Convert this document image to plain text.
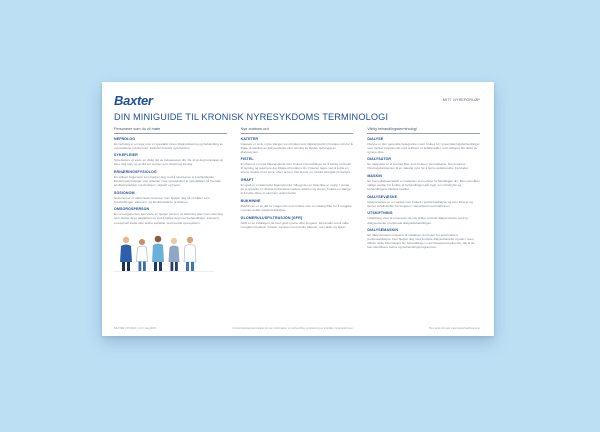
Baxter	MITT NYREFORLØP
DIN MINIGUIDE TIL KRONISK NYRESYKDOMS TERMINOLOGI
Personene som du vil møte
NEFROLOG
En nefrolog er en lege som er spesialist innen diagnostisering og behandling av nyrerelaterte sykdommer, inkludert kronisk nyresykdom.
SYKEPLEIER
Sykepleiere vil være en viktig del av helseteamet ditt. De vil gi deg kunnskap og lære deg opp, og gi råd om temaer som livsstil og trening.
ERNÆRINGSFYSIOLOG
En stilisert fagperson som hjelper deg med å strukturere et kostholdsplan. Ernæringsfysiologer som arbeider med nyresykdom er spesialister på hvordan kosthold påvirker nyrefunksjon, skjelett og hjerte.
SOSIONOM
Sosionomer er utdannede ressurser som hjelper deg på områder som boutfordringer, økonomi, og familierelaterte problemer.
OMSORGSPERSON
En omsorgsperson kan være en hjelper person, et slektning eller noen nær deg som støtter deg i dagliglivet og ved å hjelpe deg med behandlinger, transport, emosjonell støtte eller andre aspekter ved kronisk nyresykdom.
Nye anatomi-ord
KATETER
Katetere er små, myke slanger som brukes som tilgangspunkt til kroppen din for å tillate utveksling av dialysevæske eller rensing av blodet, avhengig av dialysetypen.
FISTEL
En fistel er en type tilgangspunkt som brukes i hemodialyse for å trekke ut blodet til rensing og returnere det tilbake til kroppen din. Fistelen lages ved å koble en arterie direkte til en vene, ofte i armen. Det krever en mindre kirurgisk prosedyre.
GRAFT
En graft er et alternativt tilgangspunkt i tillegg der en fistel ikke er mulig. I stedet for å opprette en direkte forbindelse mellom arterien og venen, brukes en slange til å koble disse to sammen under huden.
BUKHINNE
Bukhinnen er en del av magen din som brukes som et naturlig filter for å rengjøre nyrenes avfall i peritonealdialyse.
GLOMERULUSFILTRASJON [GFR]
GFR er en indikasjon på hvor godt nyrene dine fungerer. Det ansås ved å måle mengden kreatinin i blodet, sammen med andre faktorer, som alder og kjønn.
Viktig behandlingsterminologi
DIALYSE
Dialyse er den generelle betegnelsen som brukes for nyreerstatningsbehandlinger som hjelper kroppen din med å filtrere ut avfallsstoffer, som tidligere ble utført av nyrene dine.
DIALYSATOR
En dialysator er et kunstig filter som brukes i hemodialyse. Den kopierer filtreringsfunksjonen til en naturlig nyre for å fjerne avfallsstoffer fra blodet.
MASKIN
En hemodialysemaskin er maskinen som utfører behandlingen din. Den overvåker viktige verdier for å sikre at behandlingen går trygt, som blodtrykk og behandlingens kliniske kvalitet.
DIALYSEVÆSKE
Dialysevæske er en væske som brukes i peritonealdialyse og som filtrerer og fjerner avfallsstoffer fra kroppen i samarbeid med bukhinnen.
UTSKIFTNING
Utskiftning viser til prosessen der du skifter ut brukt dialysevæske med ny dialysevæske i peritoneal dialysebehandlingen.
DIALYSEMASKIN
En dialysemaskin refererer til maskinen du bruker for automatisert peritonealdialyse. Den hjelper deg med å utføre dialysebekrefte og kan i noen tilfeller dette informasjon om behandlingen med helsepersonellet ditt, slik at de kan identifisere behov og behandlingsprogrammer.
BAXTER | 07/2023 | v1.0 | Aug 2023	Innhold ikkehøydeproduktet for mer informasjon om behandling og tilordning av kroniske nyresykdommer.	Bes tal at vår side www.baxterhealthcare.no
